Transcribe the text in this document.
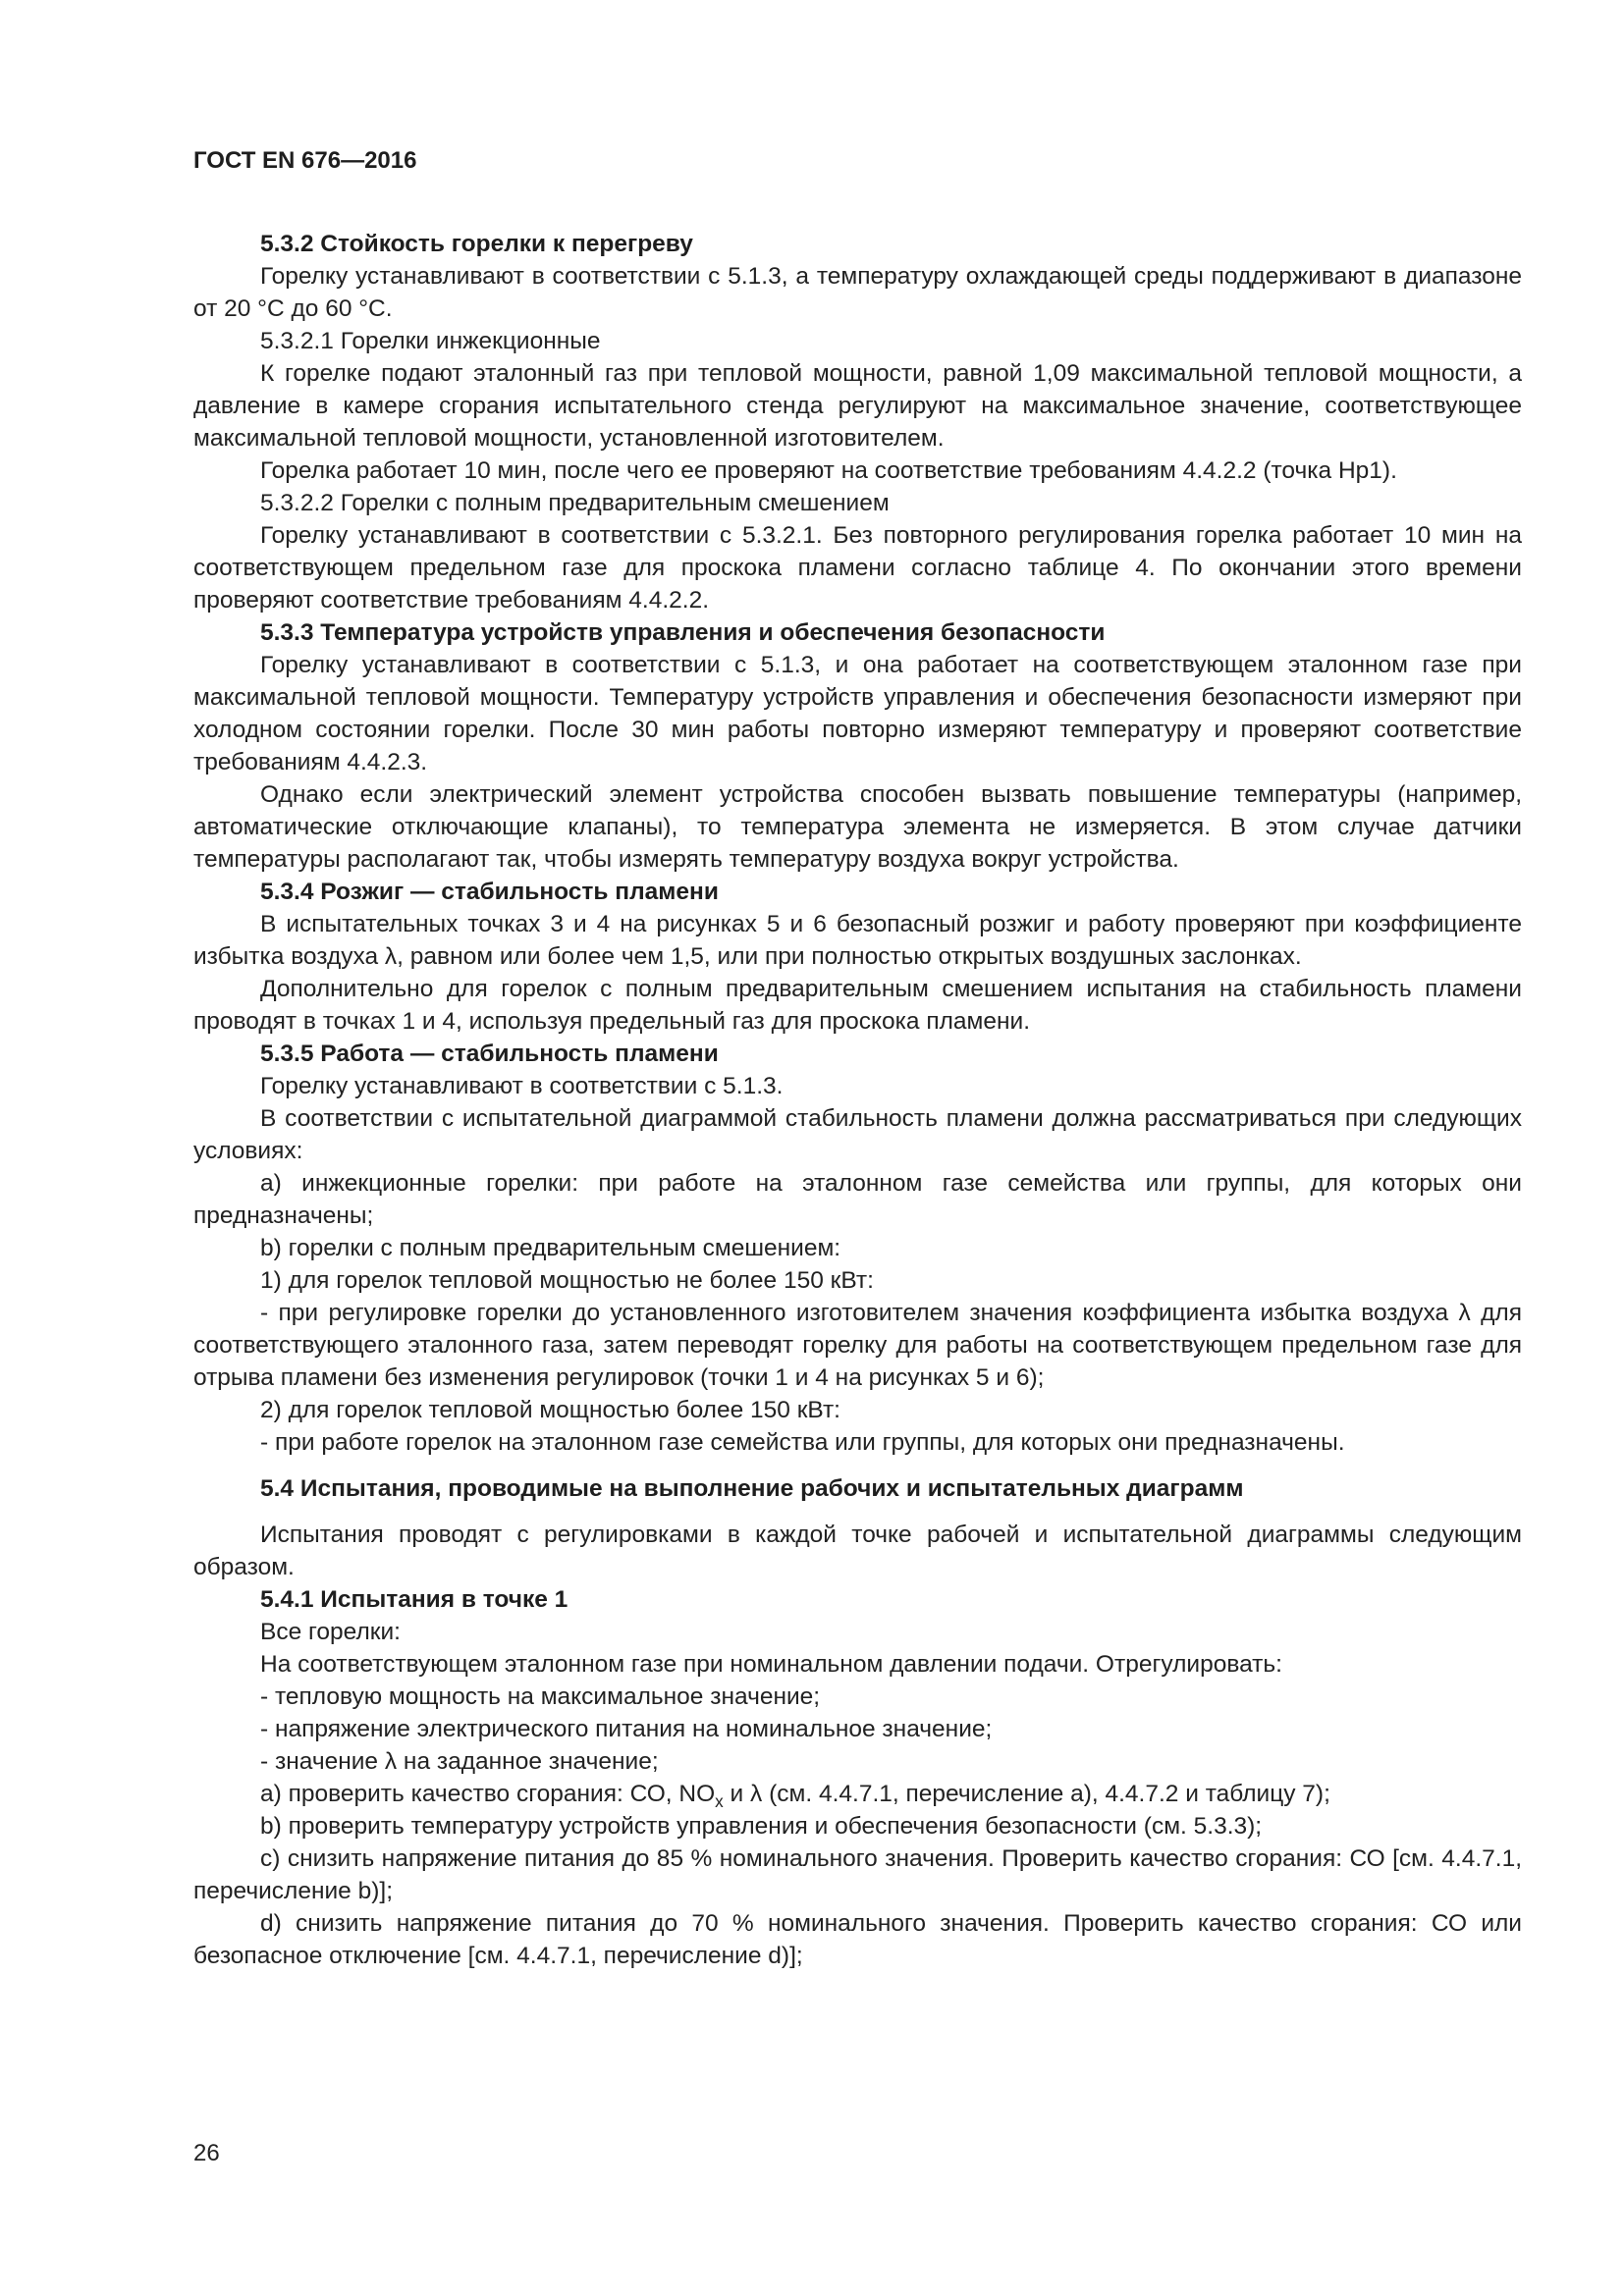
ГОСТ EN 676—2016

5.3.2 Стойкость горелки к перегреву

Горелку устанавливают в соответствии с 5.1.3, а температуру охлаждающей среды поддерживают в диапазоне от 20 °С до 60 °С.

5.3.2.1 Горелки инжекционные

К горелке подают эталонный газ при тепловой мощности, равной 1,09 максимальной тепловой мощности, а давление в камере сгорания испытательного стенда регулируют на максимальное значение, соответствующее максимальной тепловой мощности, установленной изготовителем.

Горелка работает 10 мин, после чего ее проверяют на соответствие требованиям 4.4.2.2 (точка Нр1).

5.3.2.2 Горелки с полным предварительным смешением

Горелку устанавливают в соответствии с 5.3.2.1. Без повторного регулирования горелка работает 10 мин на соответствующем предельном газе для проскока пламени согласно таблице 4. По окончании этого времени проверяют соответствие требованиям 4.4.2.2.

5.3.3 Температура устройств управления и обеспечения безопасности

Горелку устанавливают в соответствии с 5.1.3, и она работает на соответствующем эталонном газе при максимальной тепловой мощности. Температуру устройств управления и обеспечения безопасности измеряют при холодном состоянии горелки. После 30 мин работы повторно измеряют температуру и проверяют соответствие требованиям 4.4.2.3.

Однако если электрический элемент устройства способен вызвать повышение температуры (например, автоматические отключающие клапаны), то температура элемента не измеряется. В этом случае датчики температуры располагают так, чтобы измерять температуру воздуха вокруг устройства.

5.3.4 Розжиг — стабильность пламени

В испытательных точках 3 и 4 на рисунках 5 и 6 безопасный розжиг и работу проверяют при коэффициенте избытка воздуха λ, равном или более чем 1,5, или при полностью открытых воздушных заслонках.

Дополнительно для горелок с полным предварительным смешением испытания на стабильность пламени проводят в точках 1 и 4, используя предельный газ для проскока пламени.

5.3.5 Работа — стабильность пламени

Горелку устанавливают в соответствии с 5.1.3.

В соответствии с испытательной диаграммой стабильность пламени должна рассматриваться при следующих условиях:

а) инжекционные горелки: при работе на эталонном газе семейства или группы, для которых они предназначены;

b) горелки с полным предварительным смешением:

1) для горелок тепловой мощностью не более 150 кВт:

- при регулировке горелки до установленного изготовителем значения коэффициента избытка воздуха λ для соответствующего эталонного газа, затем переводят горелку для работы на соответствующем предельном газе для отрыва пламени без изменения регулировок (точки 1 и 4 на рисунках 5 и 6);

2) для горелок тепловой мощностью более 150 кВт:

- при работе горелок на эталонном газе семейства или группы, для которых они предназначены.

5.4 Испытания, проводимые на выполнение рабочих и испытательных диаграмм

Испытания проводят с регулировками в каждой точке рабочей и испытательной диаграммы следующим образом.

5.4.1 Испытания в точке 1

Все горелки:

На соответствующем эталонном газе при номинальном давлении подачи. Отрегулировать:

- тепловую мощность на максимальное значение;

- напряжение электрического питания на номинальное значение;

- значение λ на заданное значение;

а) проверить качество сгорания: СО, $NO_x$ и λ (см. 4.4.7.1, перечисление а), 4.4.7.2 и таблицу 7);

b) проверить температуру устройств управления и обеспечения безопасности (см. 5.3.3);

с) снизить напряжение питания до 85 % номинального значения. Проверить качество сгорания: СО [см. 4.4.7.1, перечисление b)];

d) снизить напряжение питания до 70 % номинального значения. Проверить качество сгорания: СО или безопасное отключение [см. 4.4.7.1, перечисление d)];

26
